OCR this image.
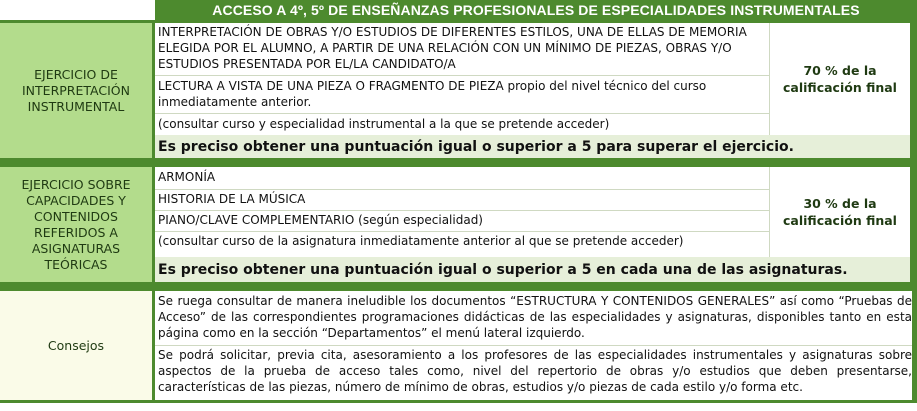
ACCESO A 4º, 5º DE ENSEÑANZAS PROFESIONALES DE ESPECIALIDADES INSTRUMENTALES
EJERCICIO DE INTERPRETACIÓN INSTRUMENTAL
INTERPRETACIÓN DE OBRAS Y/O ESTUDIOS DE DIFERENTES ESTILOS, UNA DE ELLAS DE MEMORIA ELEGIDA POR EL ALUMNO, A PARTIR DE UNA RELACIÓN CON UN MÍNIMO DE PIEZAS, OBRAS Y/O ESTUDIOS PRESENTADA POR EL/LA CANDIDATO/A
LECTURA A VISTA DE UNA PIEZA O FRAGMENTO DE PIEZA propio del nivel técnico del curso inmediatamente anterior.
(consultar curso y especialidad instrumental a la que se pretende acceder)
70 % de la calificación final
Es preciso obtener una puntuación igual o superior a 5 para superar el ejercicio.
EJERCICIO SOBRE CAPACIDADES Y CONTENIDOS REFERIDOS A ASIGNATURAS TEÓRICAS
ARMONÍA
HISTORIA DE LA MÚSICA
PIANO/CLAVE COMPLEMENTARIO (según especialidad)
(consultar curso de la asignatura inmediatamente anterior al que se pretende acceder)
30 % de la calificación final
Es preciso obtener una puntuación igual o superior a 5 en cada una de las asignaturas.
Consejos
Se ruega consultar de manera ineludible los documentos “ESTRUCTURA Y CONTENIDOS GENERALES” así como “Pruebas de Acceso” de las correspondientes programaciones didácticas de las especialidades y asignaturas, disponibles tanto en esta página como en la sección “Departamentos” el menú lateral izquierdo.
Se podrá solicitar, previa cita, asesoramiento a los profesores de las especialidades instrumentales y asignaturas sobre aspectos de la prueba de acceso tales como, nivel del repertorio de obras y/o estudios que deben presentarse, características de las piezas, número de mínimo de obras, estudios y/o piezas de cada estilo y/o forma etc.
